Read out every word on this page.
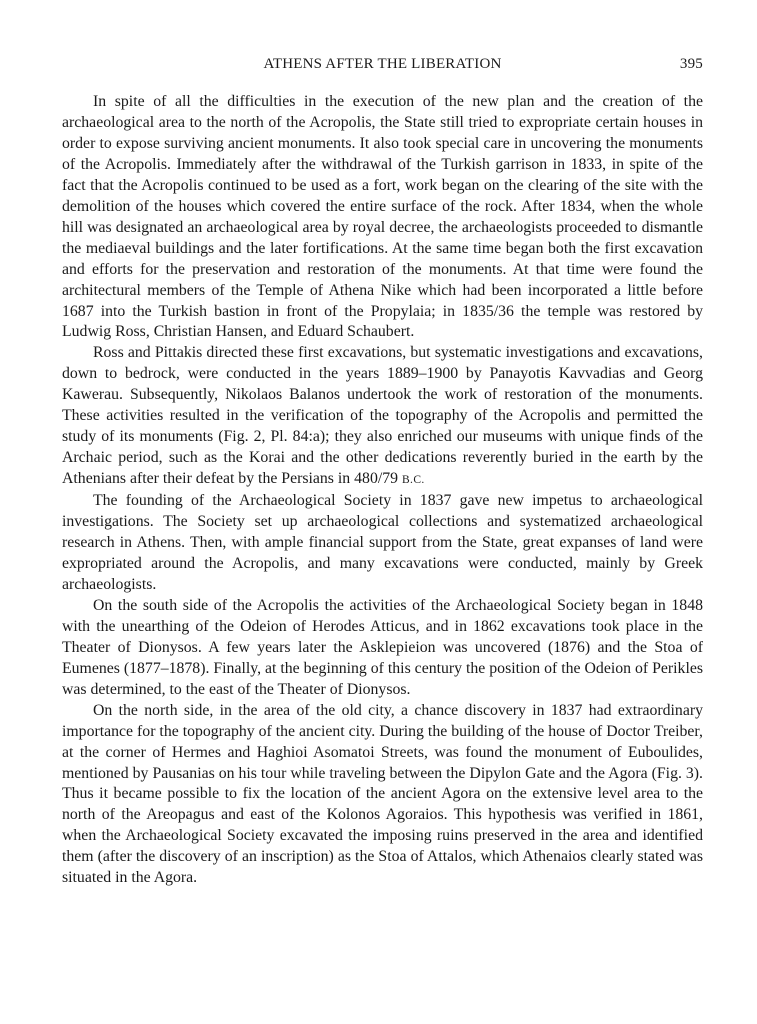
ATHENS AFTER THE LIBERATION	395

In spite of all the difficulties in the execution of the new plan and the creation of the archaeological area to the north of the Acropolis, the State still tried to expropriate certain houses in order to expose surviving ancient monuments. It also took special care in uncovering the monuments of the Acropolis. Immediately after the withdrawal of the Turkish garrison in 1833, in spite of the fact that the Acropolis continued to be used as a fort, work began on the clearing of the site with the demolition of the houses which covered the entire surface of the rock. After 1834, when the whole hill was designated an archaeological area by royal decree, the archaeologists proceeded to dismantle the mediaeval buildings and the later fortifications. At the same time began both the first excavation and efforts for the preservation and restoration of the monuments. At that time were found the architectural members of the Temple of Athena Nike which had been incorporated a little before 1687 into the Turkish bastion in front of the Propylaia; in 1835/36 the temple was restored by Ludwig Ross, Christian Hansen, and Eduard Schaubert.

Ross and Pittakis directed these first excavations, but systematic investigations and excavations, down to bedrock, were conducted in the years 1889–1900 by Panayotis Kavvadias and Georg Kawerau. Subsequently, Nikolaos Balanos undertook the work of restoration of the monuments. These activities resulted in the verification of the topography of the Acropolis and permitted the study of its monuments (Fig. 2, Pl. 84:a); they also enriched our museums with unique finds of the Archaic period, such as the Korai and the other dedications reverently buried in the earth by the Athenians after their defeat by the Persians in 480/79 B.C.

The founding of the Archaeological Society in 1837 gave new impetus to archaeological investigations. The Society set up archaeological collections and systematized archaeological research in Athens. Then, with ample financial support from the State, great expanses of land were expropriated around the Acropolis, and many excavations were conducted, mainly by Greek archaeologists.

On the south side of the Acropolis the activities of the Archaeological Society began in 1848 with the unearthing of the Odeion of Herodes Atticus, and in 1862 excavations took place in the Theater of Dionysos. A few years later the Asklepieion was uncovered (1876) and the Stoa of Eumenes (1877–1878). Finally, at the beginning of this century the position of the Odeion of Perikles was determined, to the east of the Theater of Dionysos.

On the north side, in the area of the old city, a chance discovery in 1837 had extraordinary importance for the topography of the ancient city. During the building of the house of Doctor Treiber, at the corner of Hermes and Haghioi Asomatoi Streets, was found the monument of Euboulides, mentioned by Pausanias on his tour while traveling between the Dipylon Gate and the Agora (Fig. 3). Thus it became possible to fix the location of the ancient Agora on the extensive level area to the north of the Areopagus and east of the Kolonos Agoraios. This hypothesis was verified in 1861, when the Archaeological Society excavated the imposing ruins preserved in the area and identified them (after the discovery of an inscription) as the Stoa of Attalos, which Athenaios clearly stated was situated in the Agora.
